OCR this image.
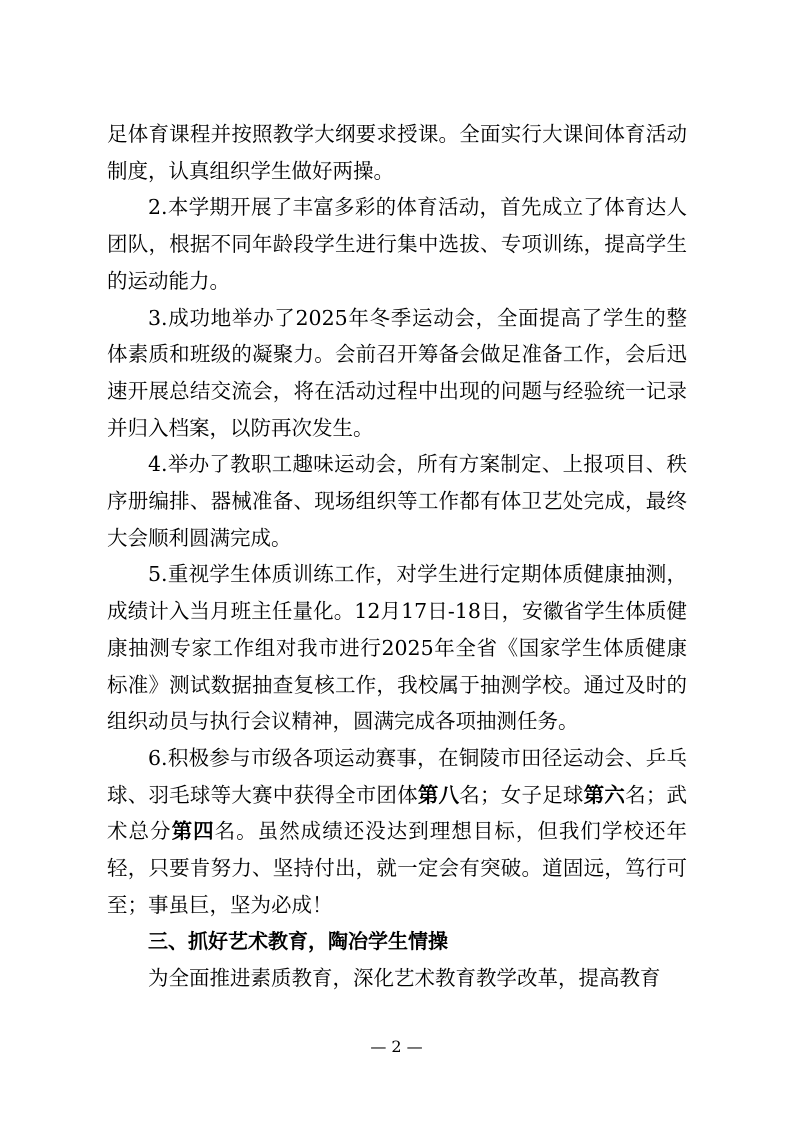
足体育课程并按照教学大纲要求授课。全面实行大课间体育活动制度，认真组织学生做好两操。

2.本学期开展了丰富多彩的体育活动，首先成立了体育达人团队，根据不同年龄段学生进行集中选拔、专项训练，提高学生的运动能力。

3.成功地举办了2025年冬季运动会，全面提高了学生的整体素质和班级的凝聚力。会前召开筹备会做足准备工作，会后迅速开展总结交流会，将在活动过程中出现的问题与经验统一记录并归入档案，以防再次发生。

4.举办了教职工趣味运动会，所有方案制定、上报项目、秩序册编排、器械准备、现场组织等工作都有体卫艺处完成，最终大会顺利圆满完成。

5.重视学生体质训练工作，对学生进行定期体质健康抽测，成绩计入当月班主任量化。12月17日-18日，安徽省学生体质健康抽测专家工作组对我市进行2025年全省《国家学生体质健康标准》测试数据抽查复核工作，我校属于抽测学校。通过及时的组织动员与执行会议精神，圆满完成各项抽测任务。

6.积极参与市级各项运动赛事，在铜陵市田径运动会、乒乓球、羽毛球等大赛中获得全市团体第八名；女子足球第六名；武术总分第四名。虽然成绩还没达到理想目标，但我们学校还年轻，只要肯努力、坚持付出，就一定会有突破。道固远，笃行可至；事虽巨，坚为必成！

三、抓好艺术教育，陶冶学生情操

为全面推进素质教育，深化艺术教育教学改革，提高教育

— 2 —
